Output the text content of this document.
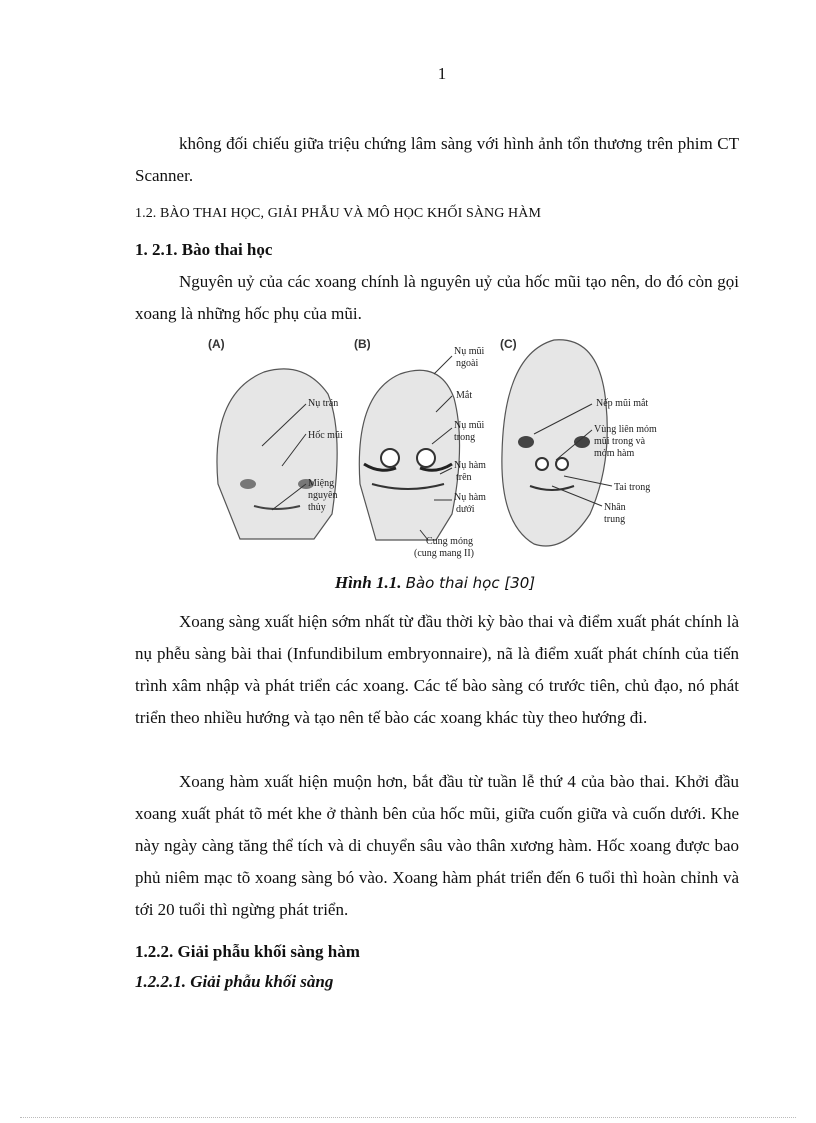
1

không đối chiếu giữa triệu chứng lâm sàng với hình ảnh tổn thương trên phim CT Scanner.

1.2. BÀO THAI HỌC, GIẢI PHẪU VÀ MÔ HỌC KHỐI SÀNG HÀM
1. 2.1. Bào thai học

Nguyên uỷ của các xoang chính là nguyên uỷ của hốc mũi tạo nên, do đó còn gọi xoang là những hốc phụ của mũi.

(A)
Nụ trán
Hốc mũi
Miệng
nguyên
thủy
(B)
Nụ mũi
ngoài
Mắt
Nụ mũi
trong
Nụ hàm
trên
Nụ hàm
dưới
Cung móng
(cung mang II)
(C)
Nếp mũi mắt
Vùng liên mỏm
mũi trong và
mỏm hàm
Tai trong
Nhân
trung
Hình 1.1. Bào thai học [30]

Xoang sàng xuất hiện sớm nhất từ đầu thời kỳ bào thai và điểm xuất phát chính là nụ phễu sàng bài thai (Infundibilum embryonnaire), nã là điểm xuất phát chính của tiến trình xâm nhập và phát triển các xoang. Các tế bào sàng có trước tiên, chủ đạo, nó phát triển theo nhiều hướng và tạo nên tế bào các xoang khác tùy theo hướng đi.

Xoang hàm xuất hiện muộn hơn, bắt đầu từ tuần lễ thứ 4 của bào thai. Khởi đầu xoang xuất phát tõ mét khe ở thành bên của hốc mũi, giữa cuốn giữa và cuốn dưới. Khe này ngày càng tăng thể tích và di chuyển sâu vào thân xương hàm. Hốc xoang được bao phủ niêm mạc tõ xoang sàng bó vào. Xoang hàm phát triển đến 6 tuổi thì hoàn chỉnh và tới 20 tuổi thì ngừng phát triển.

1.2.2. Giải phẫu khối sàng hàm
1.2.2.1. Giải phẫu khối sàng
